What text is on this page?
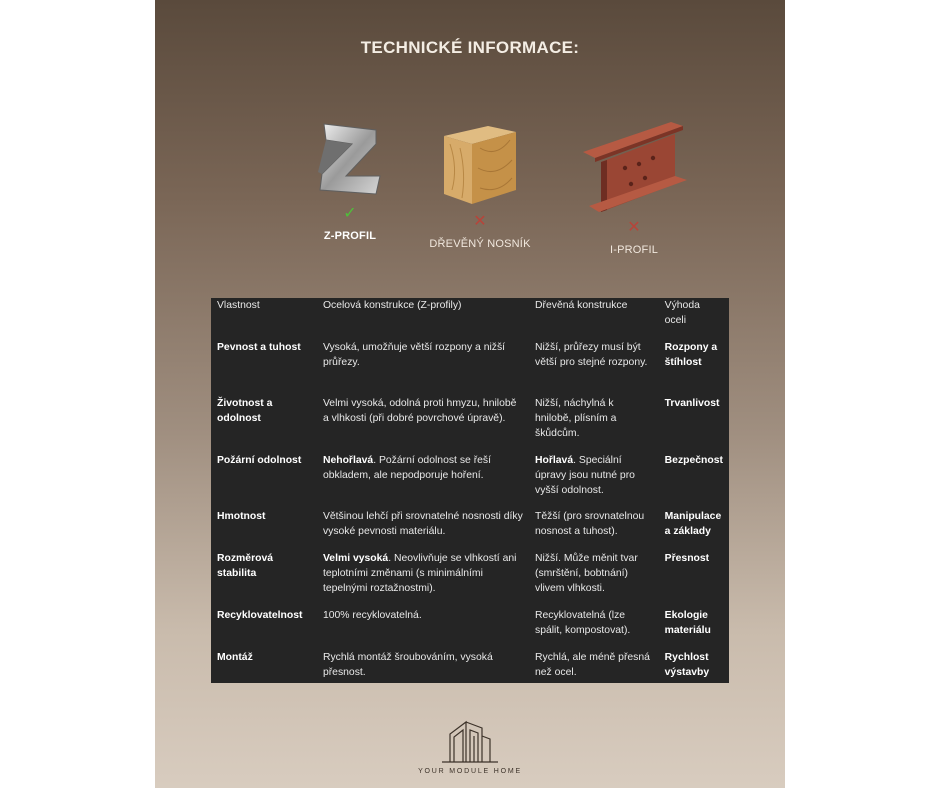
TECHNICKÉ INFORMACE:
✓
Z-PROFIL
✕
DŘEVĚNÝ NOSNÍK
✕
I-PROFIL
Vlastnost	Ocelová konstrukce (Z-profily)	Dřevěná konstrukce	Výhoda oceli
Pevnost a tuhost	Vysoká, umožňuje větší rozpony a nižší průřezy.	Nižší, průřezy musí být větší pro stejné rozpony.	Rozpony a štíhlost
Životnost a odolnost	Velmi vysoká, odolná proti hmyzu, hnilobě a vlhkosti (při dobré povrchové úpravě).	Nižší, náchylná k hnilobě, plísním a škůdcům.	Trvanlivost
Požární odolnost	Nehořlavá. Požární odolnost se řeší obkladem, ale nepodporuje hoření.	Hořlavá. Speciální úpravy jsou nutné pro vyšší odolnost.	Bezpečnost
Hmotnost	Většinou lehčí při srovnatelné nosnosti díky vysoké pevnosti materiálu.	Těžší (pro srovnatelnou nosnost a tuhost).	Manipulace a základy
Rozměrová stabilita	Velmi vysoká. Neovlivňuje se vlhkostí ani teplotními změnami (s minimálními tepelnými roztažnostmi).	Nižší. Může měnit tvar (smrštění, bobtnání) vlivem vlhkosti.	Přesnost
Recyklovatelnost	100% recyklovatelná.	Recyklovatelná (lze spálit, kompostovat).	Ekologie materiálu
Montáž	Rychlá montáž šroubováním, vysoká přesnost.	Rychlá, ale méně přesná než ocel.	Rychlost výstavby
YOUR MODULE HOME
